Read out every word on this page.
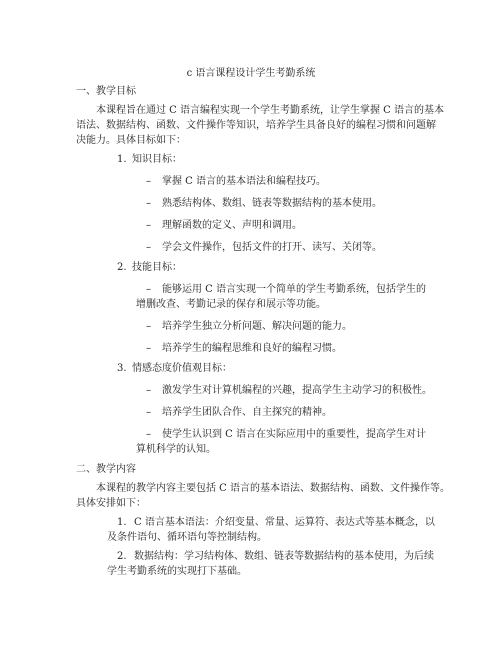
c 语言课程设计学生考勤系统
一、教学目标
本课程旨在通过 C 语言编程实现一个学生考勤系统，让学生掌握 C 语言的基本
语法、数据结构、函数、文件操作等知识，培养学生具备良好的编程习惯和问题解
决能力。具体目标如下：
1. 知识目标：
– 掌握 C 语言的基本语法和编程技巧。
– 熟悉结构体、数组、链表等数据结构的基本使用。
– 理解函数的定义、声明和调用。
– 学会文件操作，包括文件的打开、读写、关闭等。
2. 技能目标：
– 能够运用 C 语言实现一个简单的学生考勤系统，包括学生的
增删改查、考勤记录的保存和展示等功能。
– 培养学生独立分析问题、解决问题的能力。
– 培养学生的编程思维和良好的编程习惯。
3. 情感态度价值观目标：
– 激发学生对计算机编程的兴趣，提高学生主动学习的积极性。
– 培养学生团队合作、自主探究的精神。
– 使学生认识到 C 语言在实际应用中的重要性，提高学生对计
算机科学的认知。
二、教学内容
本课程的教学内容主要包括 C 语言的基本语法、数据结构、函数、文件操作等。
具体安排如下：
1. C 语言基本语法：介绍变量、常量、运算符、表达式等基本概念，以
及条件语句、循环语句等控制结构。
2. 数据结构：学习结构体、数组、链表等数据结构的基本使用，为后续
学生考勤系统的实现打下基础。
